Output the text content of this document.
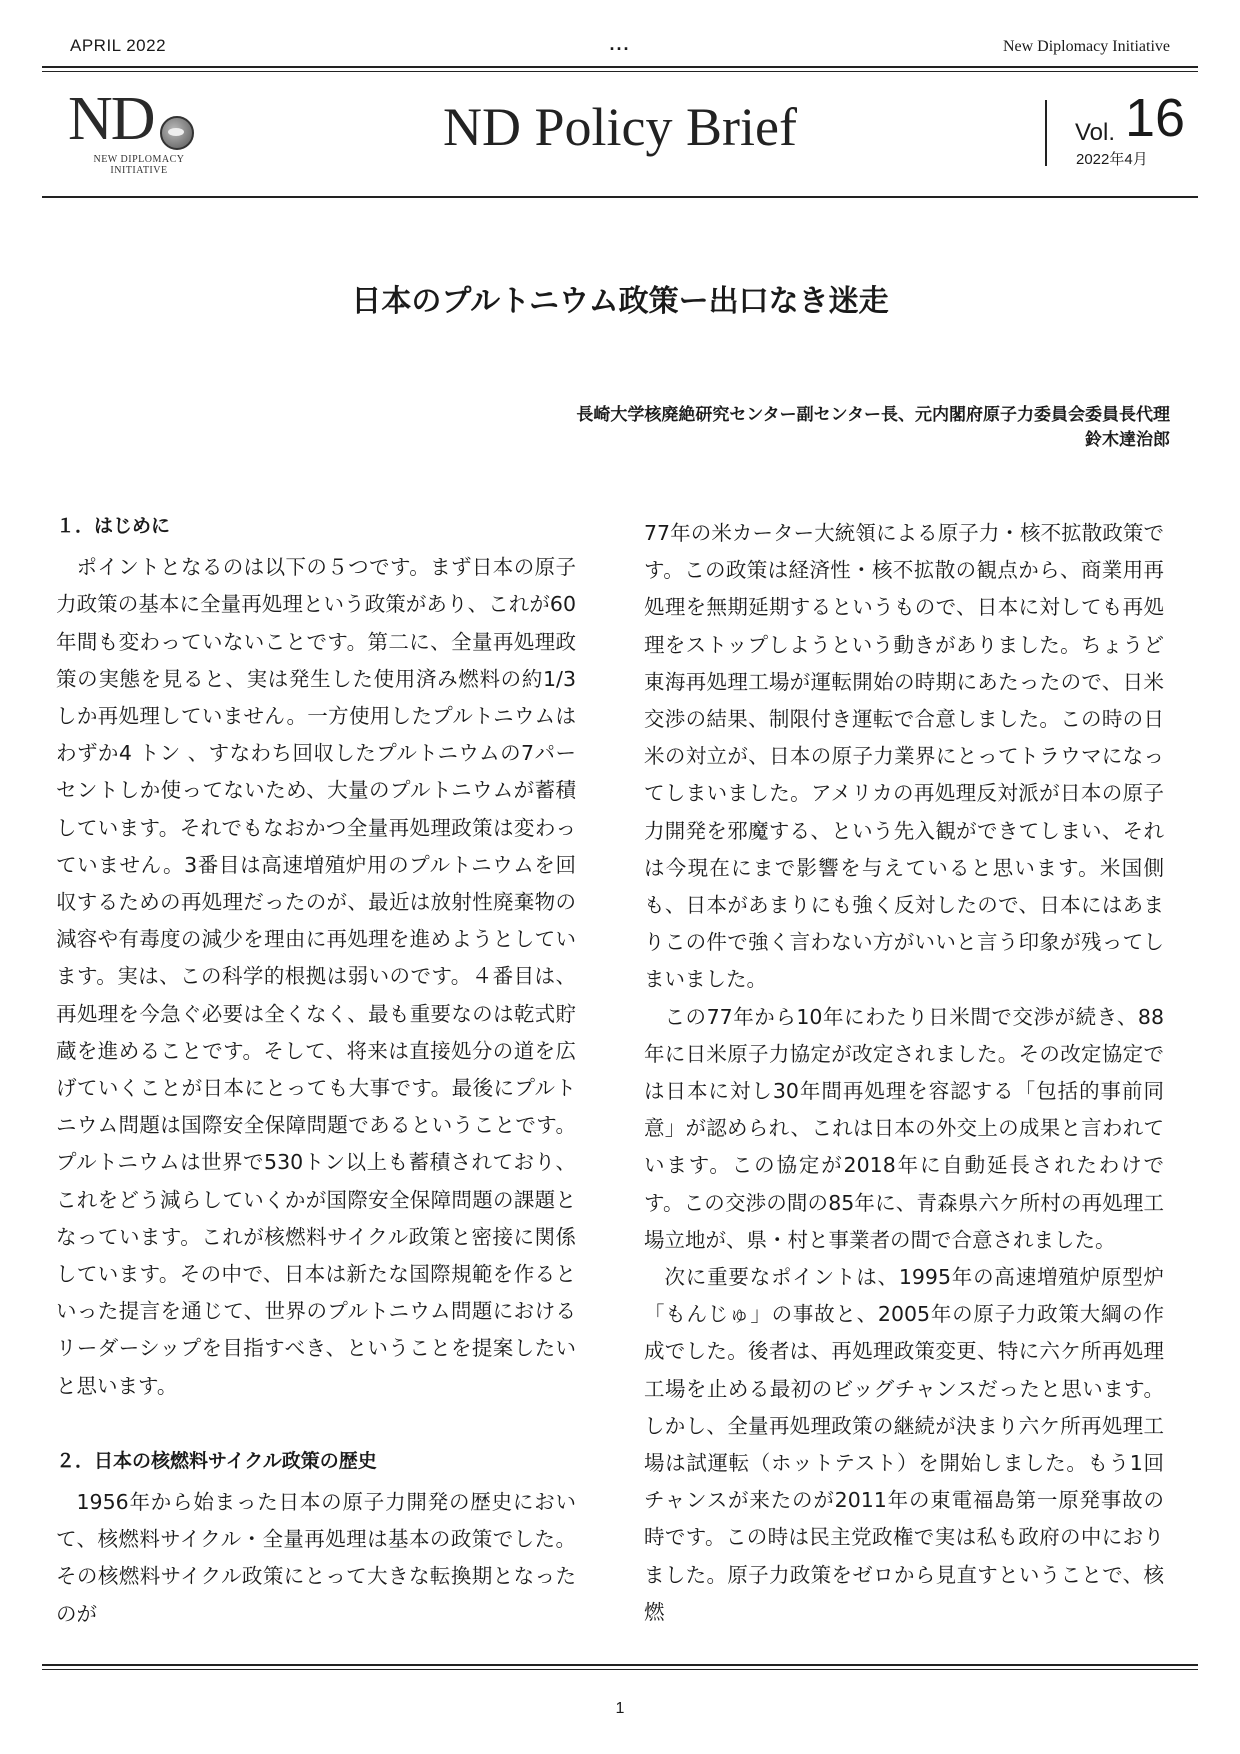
APRIL 2022	...	New Diplomacy Initiative
ND
NEW DIPLOMACY INITIATIVE
ND Policy Brief	Vol. 16
2022年4月
日本のプルトニウム政策ー出口なき迷走
長崎大学核廃絶研究センター副センター長、元内閣府原子力委員会委員長代理
鈴木達治郎
１．はじめに

ポイントとなるのは以下の５つです。まず日本の原子力政策の基本に全量再処理という政策があり、これが60年間も変わっていないことです。第二に、全量再処理政策の実態を見ると、実は発生した使用済み燃料の約1/3しか再処理していません。一方使用したプルトニウムはわずか4 トン 、すなわち回収したプルトニウムの7パーセントしか使ってないため、大量のプルトニウムが蓄積しています。それでもなおかつ全量再処理政策は変わっていません。3番目は高速増殖炉用のプルトニウムを回収するための再処理だったのが、最近は放射性廃棄物の減容や有毒度の減少を理由に再処理を進めようとしています。実は、この科学的根拠は弱いのです。４番目は、再処理を今急ぐ必要は全くなく、最も重要なのは乾式貯蔵を進めることです。そして、将来は直接処分の道を広げていくことが日本にとっても大事です。最後にプルトニウム問題は国際安全保障問題であるということです。プルトニウムは世界で530トン以上も蓄積されており、これをどう減らしていくかが国際安全保障問題の課題となっています。これが核燃料サイクル政策と密接に関係しています。その中で、日本は新たな国際規範を作るといった提言を通じて、世界のプルトニウム問題におけるリーダーシップを目指すべき、ということを提案したいと思います。

２．日本の核燃料サイクル政策の歴史

1956年から始まった日本の原子力開発の歴史において、核燃料サイクル・全量再処理は基本の政策でした。その核燃料サイクル政策にとって大きな転換期となったのが

77年の米カーター大統領による原子力・核不拡散政策です。この政策は経済性・核不拡散の観点から、商業用再処理を無期延期するというもので、日本に対しても再処理をストップしようという動きがありました。ちょうど東海再処理工場が運転開始の時期にあたったので、日米交渉の結果、制限付き運転で合意しました。この時の日米の対立が、日本の原子力業界にとってトラウマになってしまいました。アメリカの再処理反対派が日本の原子力開発を邪魔する、という先入観ができてしまい、それは今現在にまで影響を与えていると思います。米国側も、日本があまりにも強く反対したので、日本にはあまりこの件で強く言わない方がいいと言う印象が残ってしまいました。

この77年から10年にわたり日米間で交渉が続き、88年に日米原子力協定が改定されました。その改定協定では日本に対し30年間再処理を容認する「包括的事前同意」が認められ、これは日本の外交上の成果と言われています。この協定が2018年に自動延長されたわけです。この交渉の間の85年に、青森県六ケ所村の再処理工場立地が、県・村と事業者の間で合意されました。

次に重要なポイントは、1995年の高速増殖炉原型炉「もんじゅ」の事故と、2005年の原子力政策大綱の作成でした。後者は、再処理政策変更、特に六ケ所再処理工場を止める最初のビッグチャンスだったと思います。しかし、全量再処理政策の継続が決まり六ケ所再処理工場は試運転（ホットテスト）を開始しました。もう1回チャンスが来たのが2011年の東電福島第一原発事故の時です。この時は民主党政権で実は私も政府の中におりました。原子力政策をゼロから見直すということで、核燃

1
